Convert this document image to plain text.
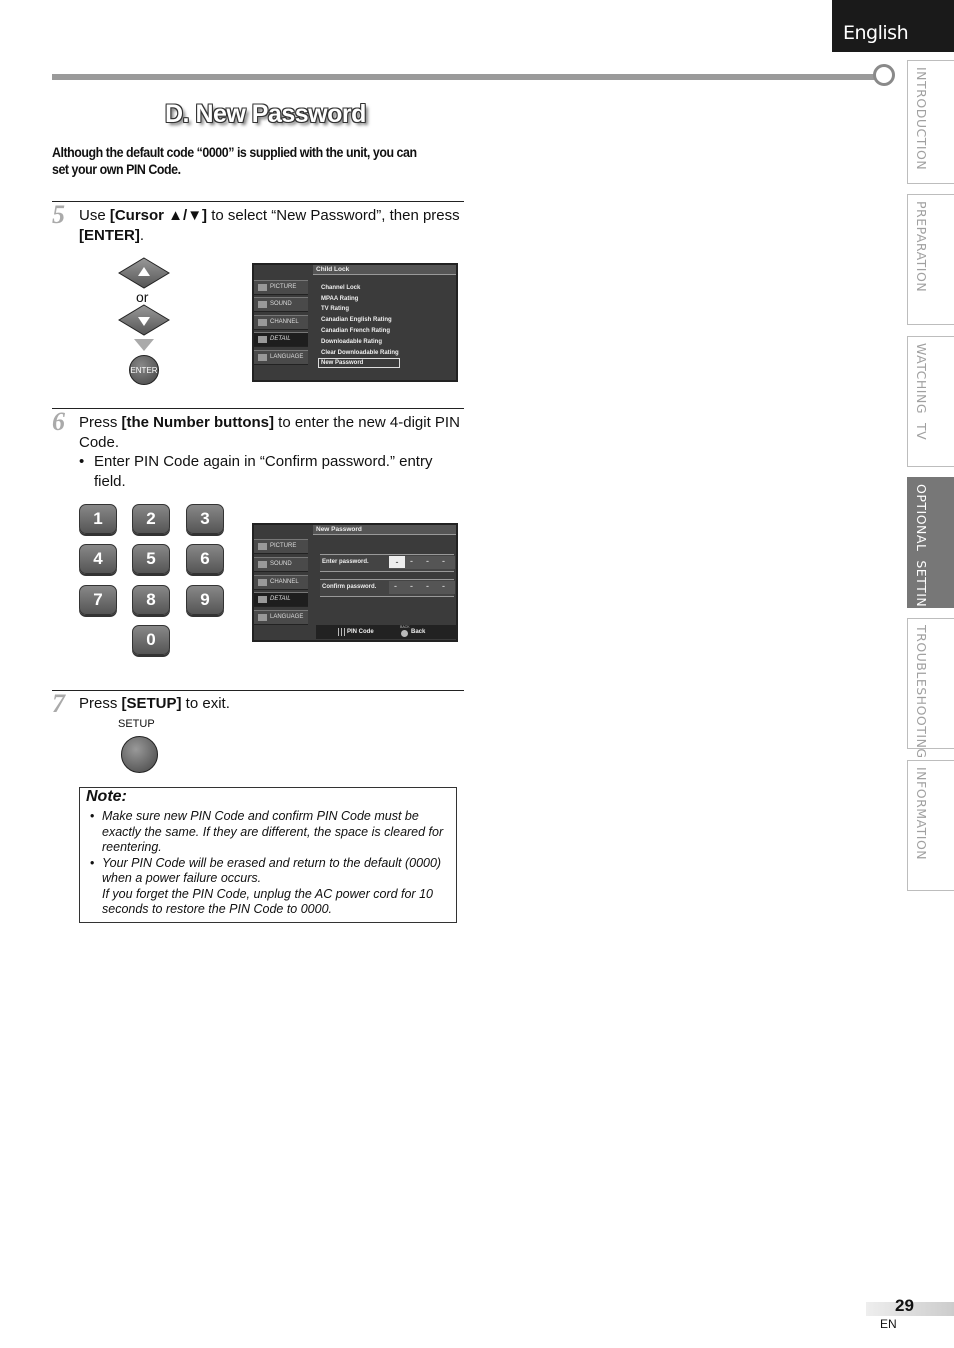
English
INTRODUCTION
PREPARATION
WATCHING  TV
OPTIONAL  SETTING
TROUBLESHOOTING
INFORMATION
D. New Password
Although the default code “0000” is supplied with the unit, you can set your own PIN Code.
5 Use [Cursor ▲/▼] to select “New Password”, then press [ENTER].
or
ENTER
PICTURE
SOUND
CHANNEL
DETAIL
LANGUAGE
Child Lock
Channel Lock
MPAA Rating
TV Rating
Canadian English Rating
Canadian French Rating
Downloadable Rating
Clear Downloadable Rating
New Password
6 Press [the Number buttons] to enter the new 4-digit PIN Code.
• Enter PIN Code again in “Confirm password.” entry field.
1	2	3
4	5	6
7	8	9
0
PICTURE
SOUND
CHANNEL
DETAIL
LANGUAGE
New Password
Enter password.	-	- - -
Confirm password. - - - -
PIN Code
BACK
Back
7 Press [SETUP] to exit.
SETUP
Note:
• Make sure new PIN Code and confirm PIN Code must be exactly the same. If they are different, the space is cleared for reentering.
• Your PIN Code will be erased and return to the default (0000) when a power failure occurs.
If you forget the PIN Code, unplug the AC power cord for 10 seconds to restore the PIN Code to 0000.
29
EN
